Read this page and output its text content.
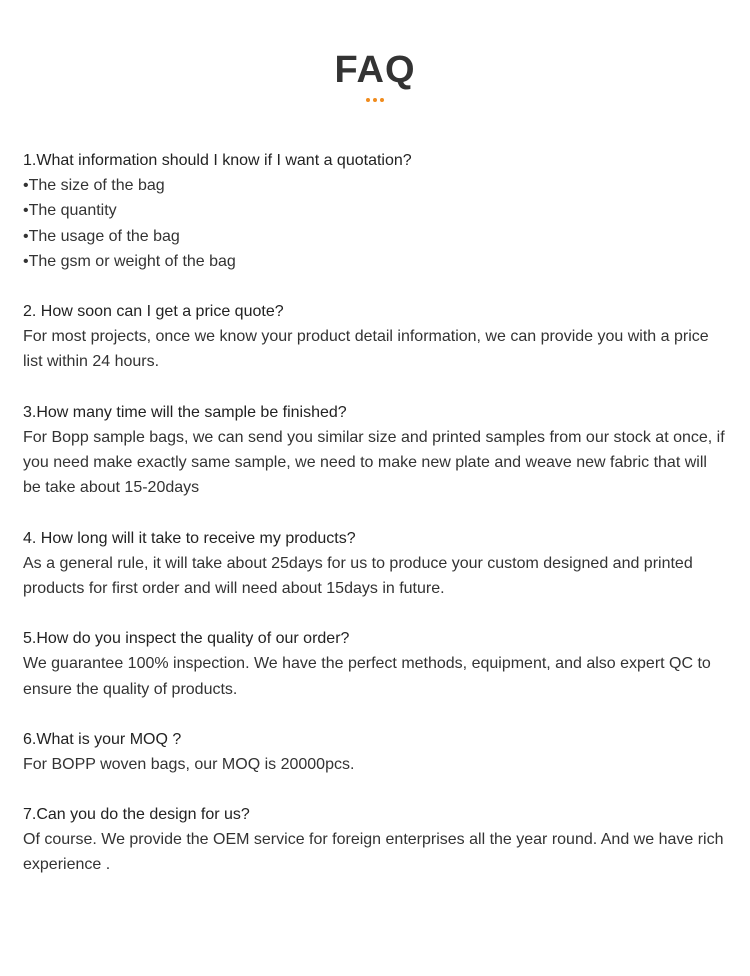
FAQ

1.What information should I know if I want a quotation?

•The size of the bag

•The quantity

•The usage of the bag

•The gsm or weight of the bag

2. How soon can I get a price quote?

For most projects, once we know your product detail information, we can provide you with a price list within 24 hours.

3.How many time will the sample be finished?

For Bopp sample bags, we can send you similar size and printed samples from our stock at once, if you need make exactly same sample, we need to make new plate and weave new fabric that will be take about 15-20days

4. How long will it take to receive my products?

As a general rule, it will take about 25days for us to produce your custom designed and printed products for first order and will need about 15days in future.

5.How do you inspect the quality of our order?

We guarantee 100% inspection. We have the perfect methods, equipment, and also expert QC to ensure the quality of products.

6.What is your MOQ ?

For BOPP woven bags, our MOQ is 20000pcs.

7.Can you do the design for us?

Of course. We provide the OEM service for foreign enterprises all the year round. And we have rich experience .
